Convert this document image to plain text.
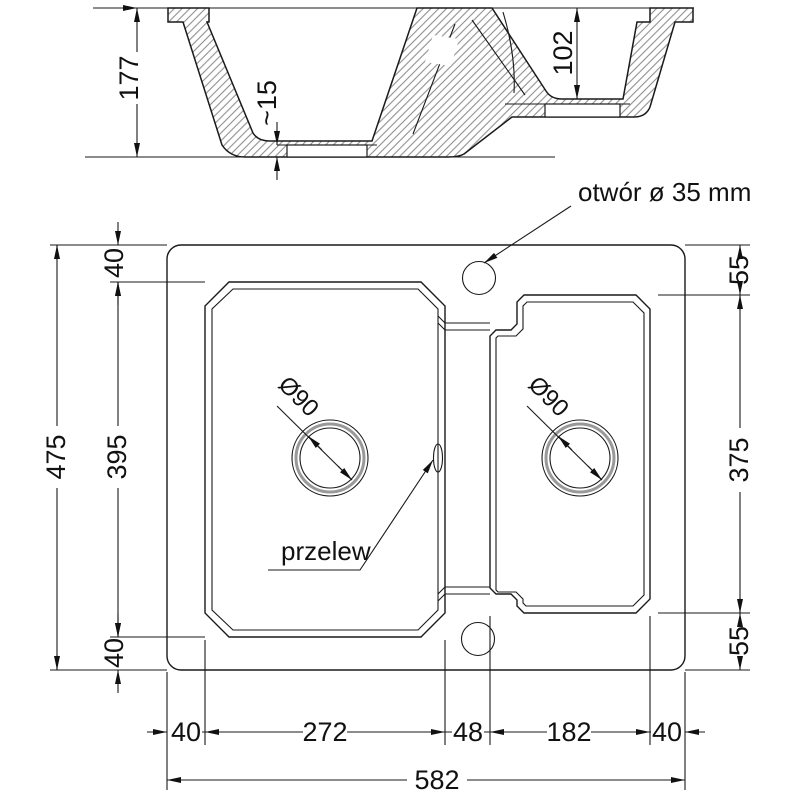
177
102
~15
otwór ø 35 mm
Ø90	Ø90
przelew
475 395
40
40
55
375
55
40	272	48 182 40
582
